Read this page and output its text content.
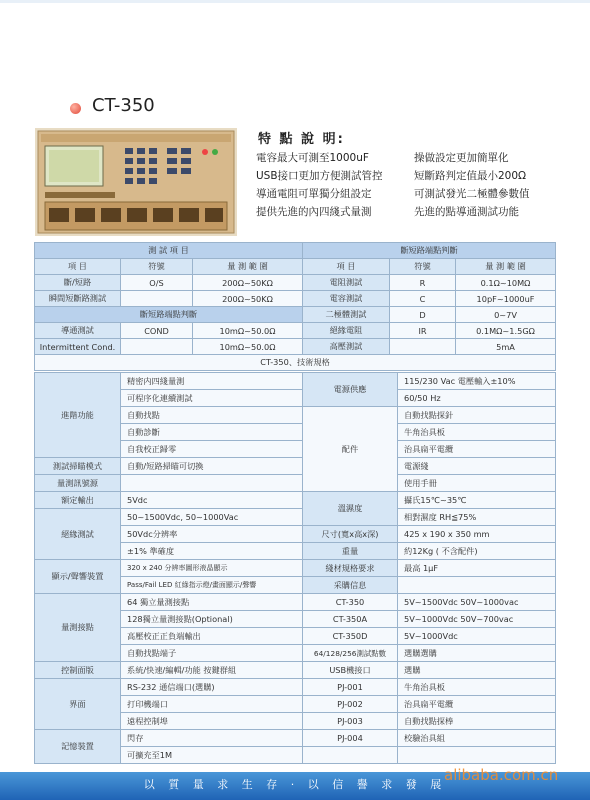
CT-350
特 點 說 明:
電容最大可測至1000uF	操做設定更加簡單化
USB接口更加方便測試管控	短斷路判定值最小200Ω
導通電阻可單獨分組設定	可測試發光二極體參數值
提供先進的內四綫式量測	先進的點導通測試功能
測 試 項 目			斷短路端點判斷		
項 目	符號	量 測 範 圍	項 目	符號	量 測 範 圍
斷/短路	O/S	200Ω~50KΩ	電阻測試	R	0.1Ω~10MΩ
瞬間短斷路測試		200Ω~50KΩ	電容測試	C	10pF~1000uF
斷短路端點判斷			二極體測試	D	0~7V
導通測試	COND	10mΩ~50.0Ω	絕緣電阻	IR	0.1MΩ~1.5GΩ
Intermittent Cond.		10mΩ~50.0Ω	高壓測試		5mA
CT-350、技術規格					
進階功能	精密内四綫量測	電源供應	115/230 Vac 電壓輸入±10%
	可程序化連續測試		60/50 Hz
	自動找點	配件	自動找點探針
	自動診斷		牛角治具板
	自我校正歸零		治具扁平電纜
測試掃瞄模式	自動/短路掃瞄可切換		電源綫
量測訊號源			使用手冊
額定輸出	5Vdc	溫濕度	攝氏15℃~35℃
絕緣測試	50~1500Vdc, 50~1000Vac		相對濕度 RH≦75%
	50Vdc分辨率	尺寸(寬x高x深)	425 x 190 x 350 mm
	±1% 準確度	重量	約12Kg ( 不含配件)
顯示/聲響裝置	320 x 240 分辨率圖形液晶顯示	綫材規格要求	最高 1μF
	Pass/Fail LED 紅綠指示燈/畫面顯示/聲響	采購信息	
量測接點	64 獨立量測接點	CT-350	5V~1500Vdc 50V~1000vac
	128獨立量測接點(Optional)	CT-350A	5V~1000Vdc 50V~700vac
	高壓校正正負端輸出	CT-350D	5V~1000Vdc
	自動找點端子	64/128/256測試點數	選購選購
控制面版	系統/快速/編輯/功能 按鍵群組	USB機接口	選購
界面	RS-232 通信端口(選購)	PJ-001	牛角治具板
	打印機端口	PJ-002	治具扁平電纜
	遠程控制埠	PJ-003	自動找點探棒
記憶裝置	閃存	PJ-004	校驗治具組
	可擴充至1M		
以 質 量 求 生 存 · 以 信 譽 求 發 展
alibaba.com.cn
